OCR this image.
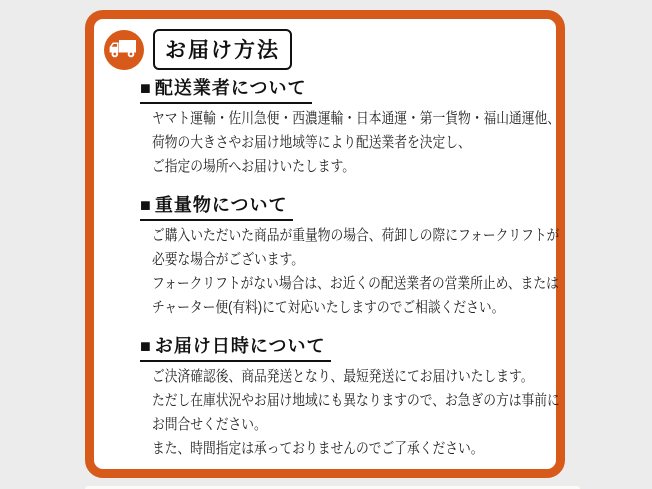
お届け方法
■ 配送業者について

ヤマト運輸・佐川急便・西濃運輸・日本通運・第一貨物・福山通運他、

荷物の大きさやお届け地域等により配送業者を決定し、

ご指定の場所へお届けいたします。

■ 重量物について

ご購入いただいた商品が重量物の場合、荷卸しの際にフォークリフトが

必要な場合がございます。

フォークリフトがない場合は、お近くの配送業者の営業所止め、または

チャーター便(有料)にて対応いたしますのでご相談ください。

■ お届け日時について

ご決済確認後、商品発送となり、最短発送にてお届けいたします。

ただし在庫状況やお届け地域にも異なりますので、お急ぎの方は事前に

お問合せください。

また、時間指定は承っておりませんのでご了承ください。
